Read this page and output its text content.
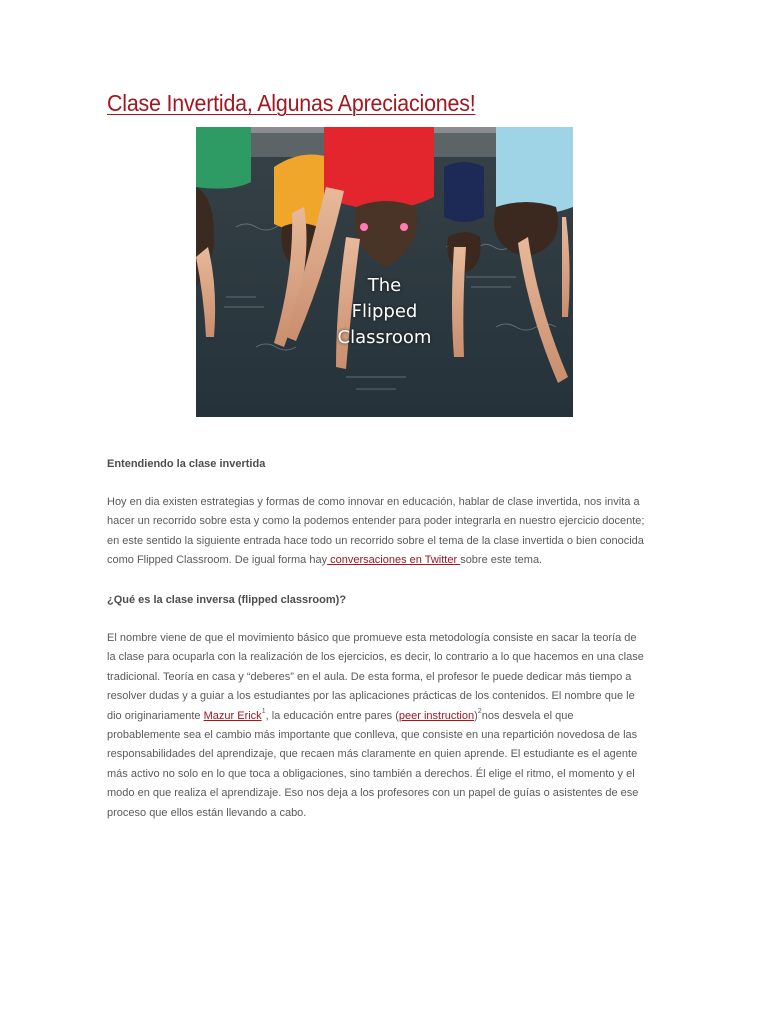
Clase Invertida, Algunas Apreciaciones!
The
Flipped
Classroom
Entendiendo la clase invertida
Hoy en dia existen estrategias y formas de como innovar en educación, hablar de clase invertida, nos invita a
hacer un recorrido sobre esta y como la podemos entender para poder integrarla en nuestro ejercicio docente;
en este sentido la siguiente entrada hace todo un recorrido sobre el tema de la clase invertida o bien conocida
como Flipped Classroom. De igual forma hay conversaciones en Twitter sobre este tema.
¿Qué es la clase inversa (flipped classroom)?
El nombre viene de que el movimiento básico que promueve esta metodología consiste en sacar la teoría de
la clase para ocuparla con la realización de los ejercicios, es decir, lo contrario a lo que hacemos en una clase
tradicional. Teoría en casa y “deberes” en el aula. De esta forma, el profesor le puede dedicar más tiempo a
resolver dudas y a guiar a los estudiantes por las aplicaciones prácticas de los contenidos. El nombre que le
dio originariamente Mazur Erick$^1$, la educación entre pares (peer instruction)$^2$nos desvela el que
probablemente sea el cambio más importante que conlleva, que consiste en una repartición novedosa de las
responsabilidades del aprendizaje, que recaen más claramente en quien aprende. El estudiante es el agente
más activo no solo en lo que toca a obligaciones, sino también a derechos. Él elige el ritmo, el momento y el
modo en que realiza el aprendizaje. Eso nos deja a los profesores con un papel de guías o asistentes de ese
proceso que ellos están llevando a cabo.
